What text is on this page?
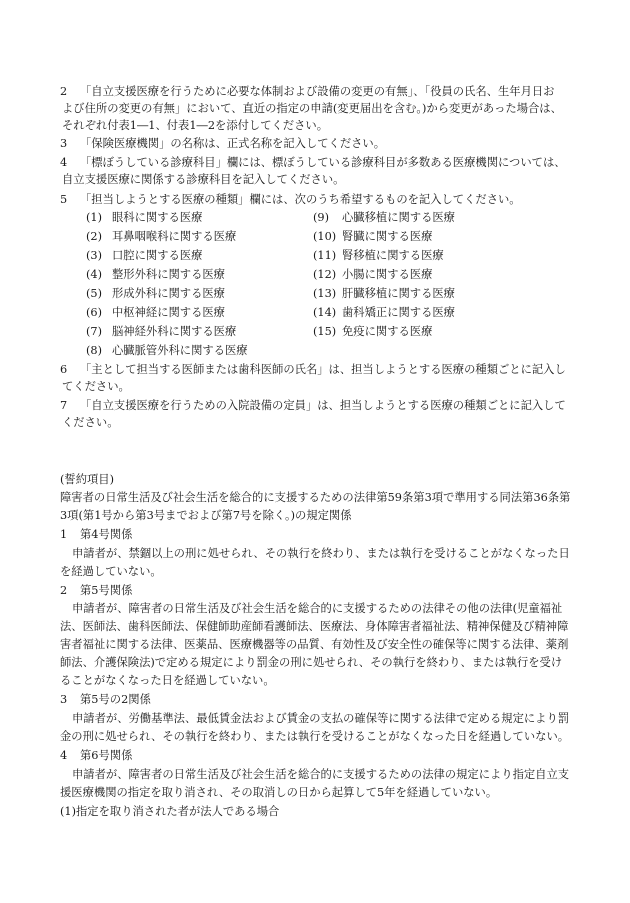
2 「自立支援医療を行うために必要な体制および設備の変更の有無」、「役員の氏名、生年月日お
よび住所の変更の有無」において、直近の指定の申請(変更届出を含む。)から変更があった場合は、
それぞれ付表1―1、付表1―2を添付してください。
3 「保険医療機関」の名称は、正式名称を記入してください。
4 「標ぼうしている診療科目」欄には、標ぼうしている診療科目が多数ある医療機関については、
自立支援医療に関係する診療科目を記入してください。
5 「担当しようとする医療の種類」欄には、次のうち希望するものを記入してください。
(1) 眼科に関する医療
(2) 耳鼻咽喉科に関する医療
(3) 口腔に関する医療
(4) 整形外科に関する医療
(5) 形成外科に関する医療
(6) 中枢神経に関する医療
(7) 脳神経外科に関する医療
(8) 心臓脈管外科に関する医療
(9) 心臓移植に関する医療
(10) 腎臓に関する医療
(11) 腎移植に関する医療
(12) 小腸に関する医療
(13) 肝臓移植に関する医療
(14) 歯科矯正に関する医療
(15) 免疫に関する医療
6 「主として担当する医師または歯科医師の氏名」は、担当しようとする医療の種類ごとに記入し
てください。
7 「自立支援医療を行うための入院設備の定員」は、担当しようとする医療の種類ごとに記入して
ください。
(誓約項目)
障害者の日常生活及び社会生活を総合的に支援するための法律第59条第3項で準用する同法第36条第
3項(第1号から第3号までおよび第7号を除く。)の規定関係
1 第4号関係
申請者が、禁錮以上の刑に処せられ、その執行を終わり、または執行を受けることがなくなった日
を経過していない。
2 第5号関係
申請者が、障害者の日常生活及び社会生活を総合的に支援するための法律その他の法律(児童福祉
法、医師法、歯科医師法、保健師助産師看護師法、医療法、身体障害者福祉法、精神保健及び精神障
害者福祉に関する法律、医薬品、医療機器等の品質、有効性及び安全性の確保等に関する法律、薬剤
師法、介護保険法)で定める規定により罰金の刑に処せられ、その執行を終わり、または執行を受け
ることがなくなった日を経過していない。
3 第5号の2関係
申請者が、労働基準法、最低賃金法および賃金の支払の確保等に関する法律で定める規定により罰
金の刑に処せられ、その執行を終わり、または執行を受けることがなくなった日を経過していない。
4 第6号関係
申請者が、障害者の日常生活及び社会生活を総合的に支援するための法律の規定により指定自立支
援医療機関の指定を取り消され、その取消しの日から起算して5年を経過していない。
(1)指定を取り消された者が法人である場合
